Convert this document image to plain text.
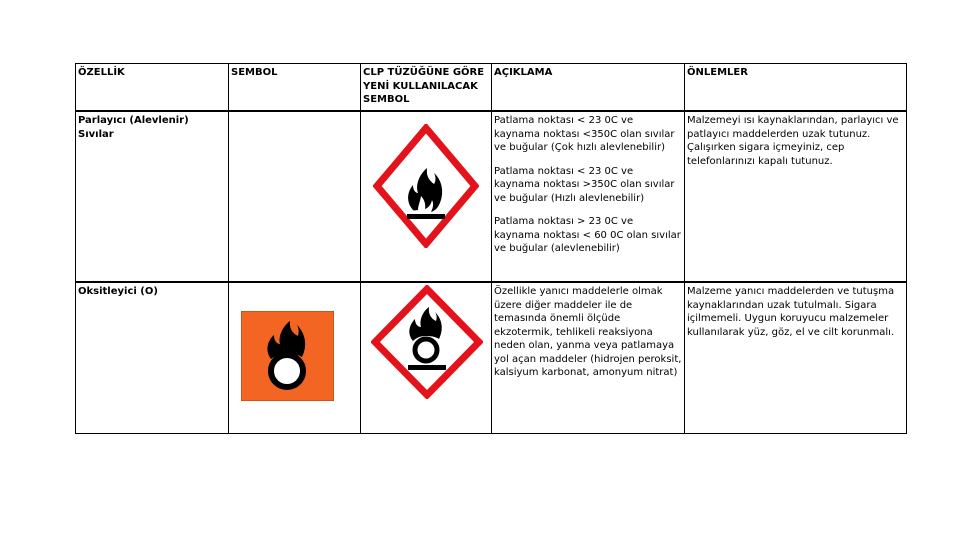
ÖZELLİK	SEMBOL	CLP TÜZÜĞÜNE GÖRE YENİ KULLANILACAK SEMBOL	AÇIKLAMA	ÖNLEMLER
Parlayıcı (Alevlenir) Sıvılar			Patlama noktası < 23 0C ve kaynama noktası <350C olan sıvılar ve buğular (Çok hızlı alevlenebilir)

Patlama noktası < 23 0C ve kaynama noktası >350C olan sıvılar ve buğular (Hızlı alevlenebilir)

Patlama noktası > 23 0C ve kaynama noktası < 60 0C olan sıvılar ve buğular (alevlenebilir)	Malzemeyi ısı kaynaklarından, parlayıcı ve patlayıcı maddelerden uzak tutunuz. Çalışırken sigara içmeyiniz, cep telefonlarınızı kapalı tutunuz.
Oksitleyici (O)			Özellikle yanıcı maddelerle olmak üzere diğer maddeler ile de temasında önemli ölçüde ekzotermik, tehlikeli reaksiyona neden olan, yanma veya patlamaya yol açan maddeler (hidrojen peroksit, kalsiyum karbonat, amonyum nitrat)	Malzeme yanıcı maddelerden ve tutuşma kaynaklarından uzak tutulmalı. Sigara içilmemeli. Uygun koruyucu malzemeler kullanılarak yüz, göz, el ve cilt korunmalı.
